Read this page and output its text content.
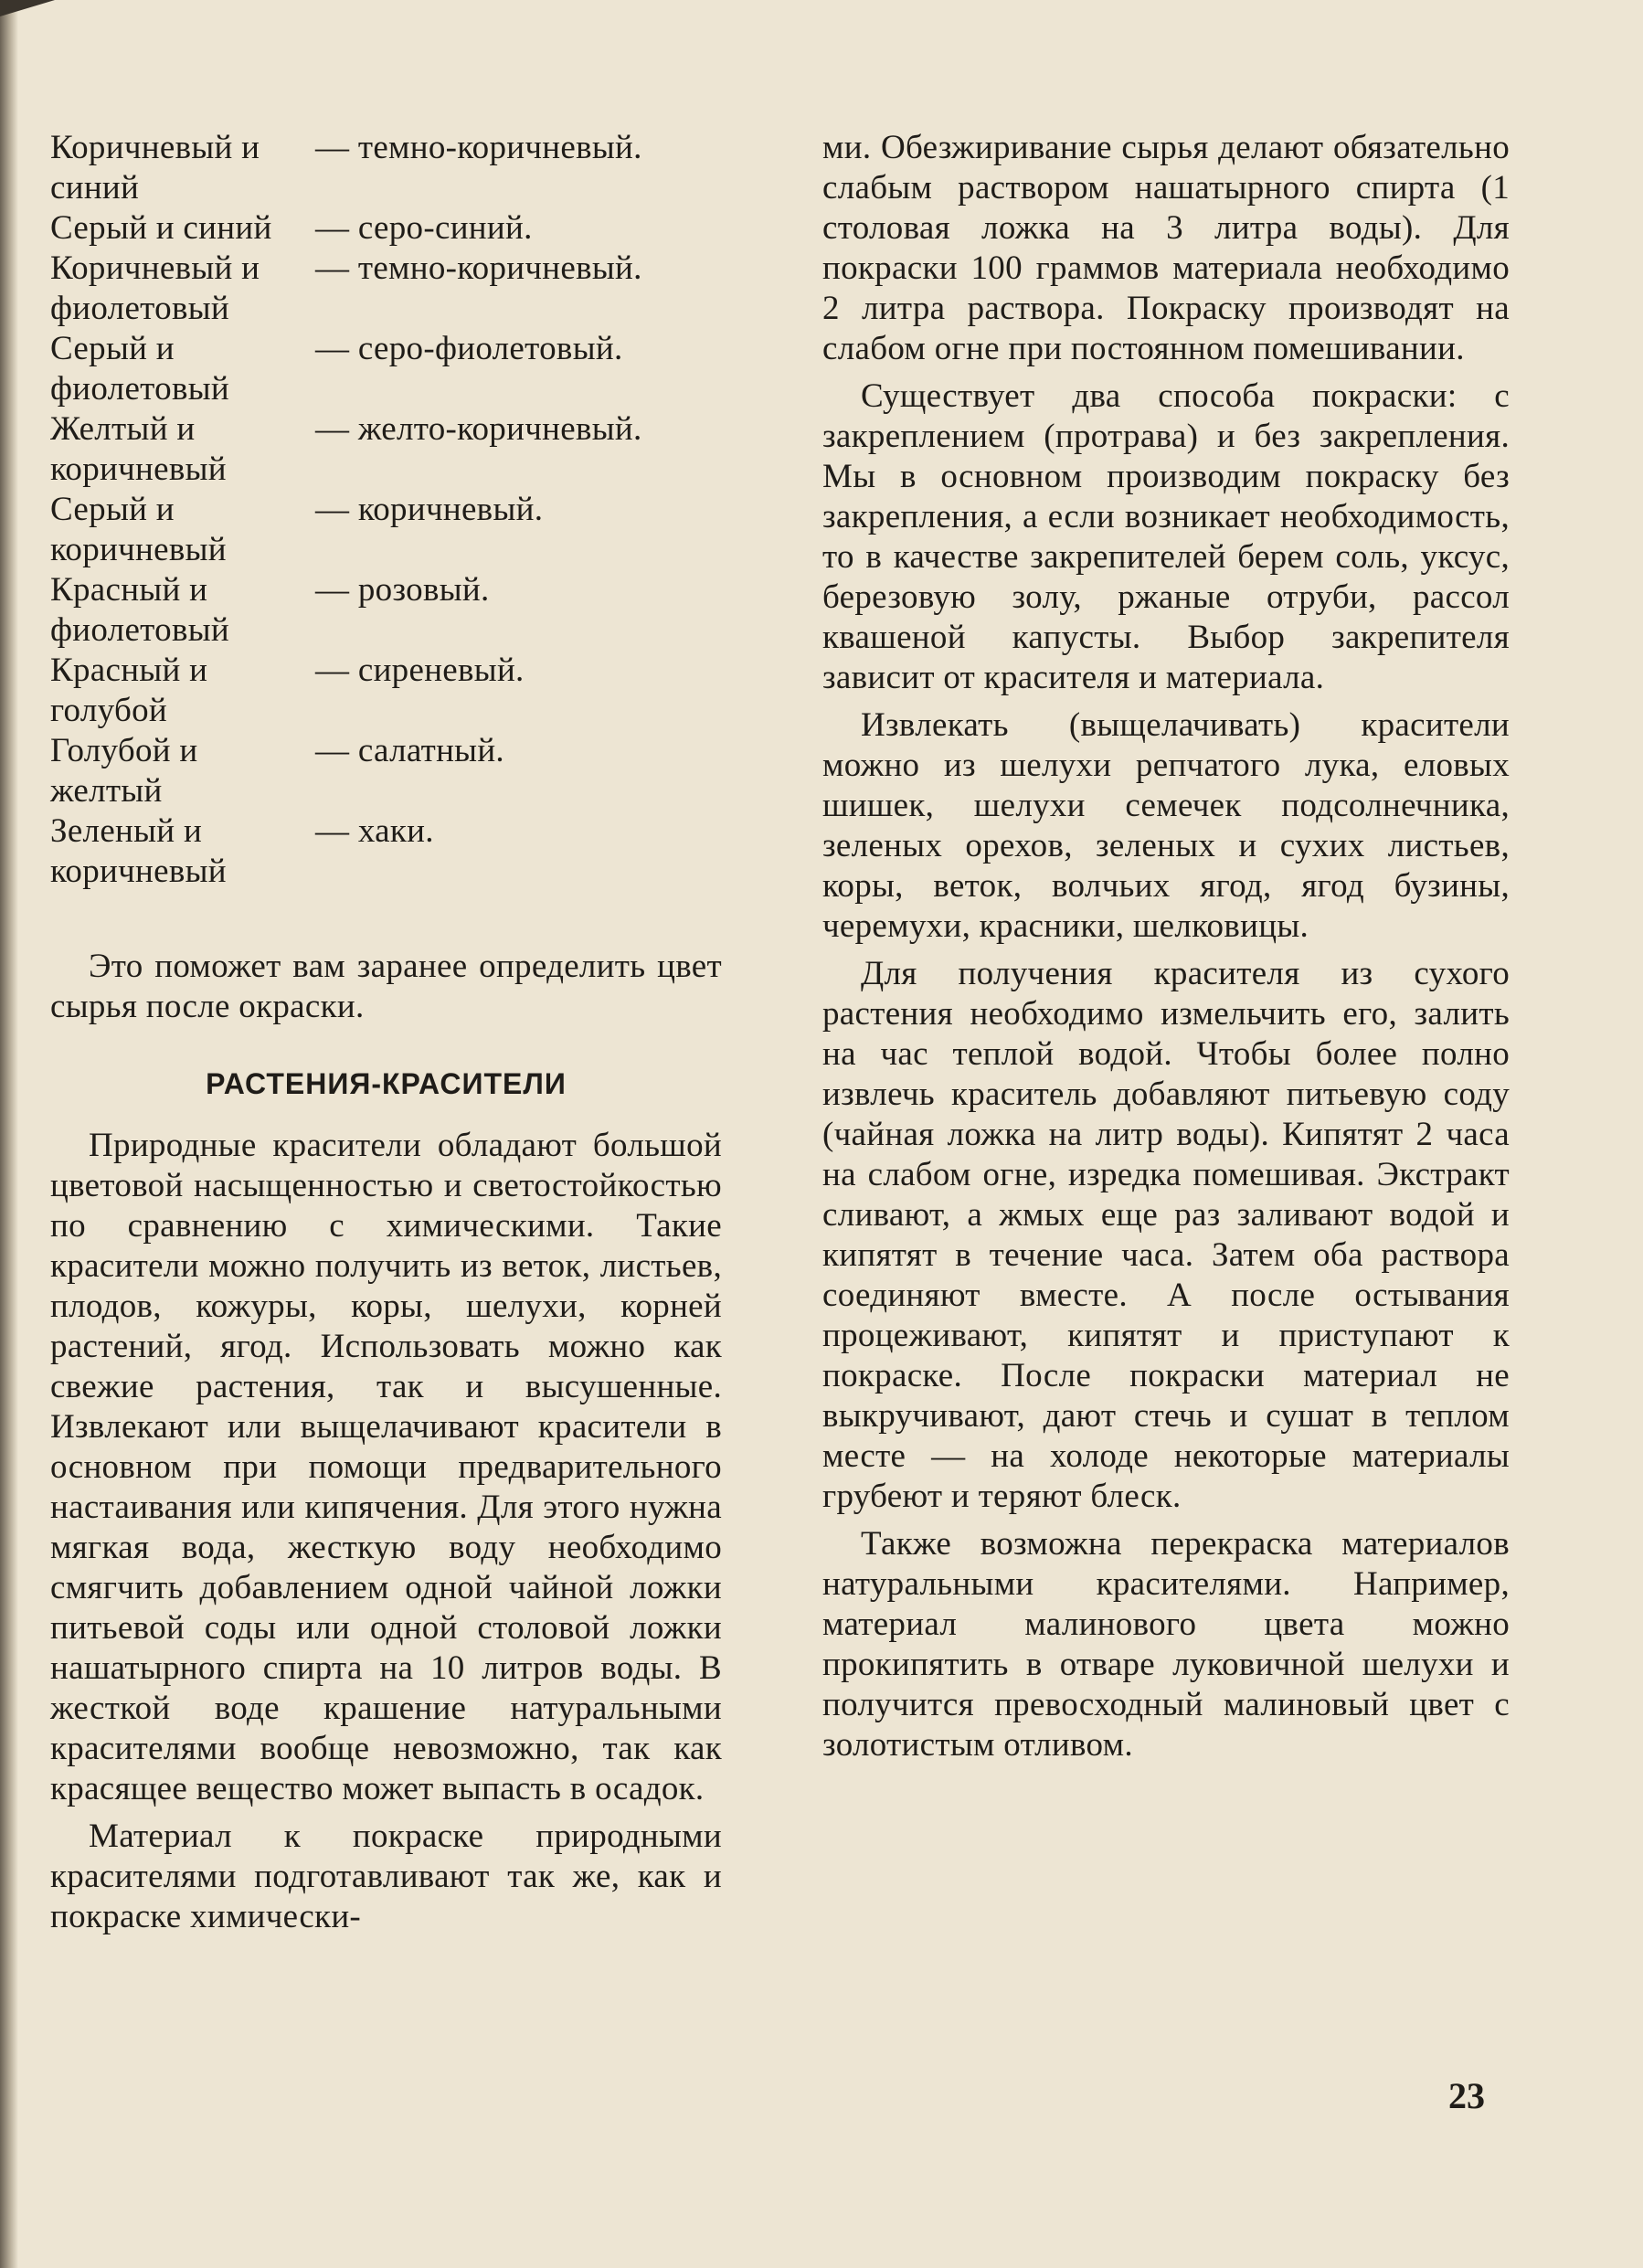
Коричневый и синий
— темно-коричневый.
Серый и синий	— серо-синий.
Коричневый и фиолетовый
— темно-коричневый.
Серый и фиолетовый
— серо-фиолетовый.
Желтый и коричневый
— желто-коричневый.
Серый и коричневый
— коричневый.
Красный и фиолетовый
— розовый.
Красный и голубой
— сиреневый.
Голубой и желтый
— салатный.
Зеленый и коричневый
— хаки.

Это поможет вам заранее определить цвет сырья после окраски.

РАСТЕНИЯ-КРАСИТЕЛИ

Природные красители обладают большой цветовой насыщенностью и светостойкостью по сравнению с химическими. Такие красители можно получить из веток, листьев, плодов, кожуры, коры, шелухи, корней растений, ягод. Использовать можно как свежие растения, так и высушенные. Извлекают или выщелачивают красители в основном при помощи предварительного настаивания или кипячения. Для этого нужна мягкая вода, жесткую воду необходимо смягчить добавлением одной чайной ложки питьевой соды или одной столовой ложки нашатырного спирта на 10 литров воды. В жесткой воде крашение натуральными красителями вообще невозможно, так как красящее вещество может выпасть в осадок.

Материал к покраске природными красителями подготавливают так же, как и покраске химически-

ми. Обезжиривание сырья делают обязательно слабым раствором нашатырного спирта (1 столовая ложка на 3 литра воды). Для покраски 100 граммов материала необходимо 2 литра раствора. Покраску производят на слабом огне при постоянном помешивании.

Существует два способа покраски: с закреплением (протрава) и без закрепления. Мы в основном производим покраску без закрепления, а если возникает необходимость, то в качестве закрепителей берем соль, уксус, березовую золу, ржаные отруби, рассол квашеной капусты. Выбор закрепителя зависит от красителя и материала.

Извлекать (выщелачивать) красители можно из шелухи репчатого лука, еловых шишек, шелухи семечек подсолнечника, зеленых орехов, зеленых и сухих листьев, коры, веток, волчьих ягод, ягод бузины, черемухи, красники, шелковицы.

Для получения красителя из сухого растения необходимо измельчить его, залить на час теплой водой. Чтобы более полно извлечь краситель добавляют питьевую соду (чайная ложка на литр воды). Кипятят 2 часа на слабом огне, изредка помешивая. Экстракт сливают, а жмых еще раз заливают водой и кипятят в течение часа. Затем оба раствора соединяют вместе. А после остывания процеживают, кипятят и приступают к покраске. После покраски материал не выкручивают, дают стечь и сушат в теплом месте — на холоде некоторые материалы грубеют и теряют блеск.

Также возможна перекраска материалов натуральными красителями. Например, материал малинового цвета можно прокипятить в отваре луковичной шелухи и получится превосходный малиновый цвет с золотистым отливом.

23
